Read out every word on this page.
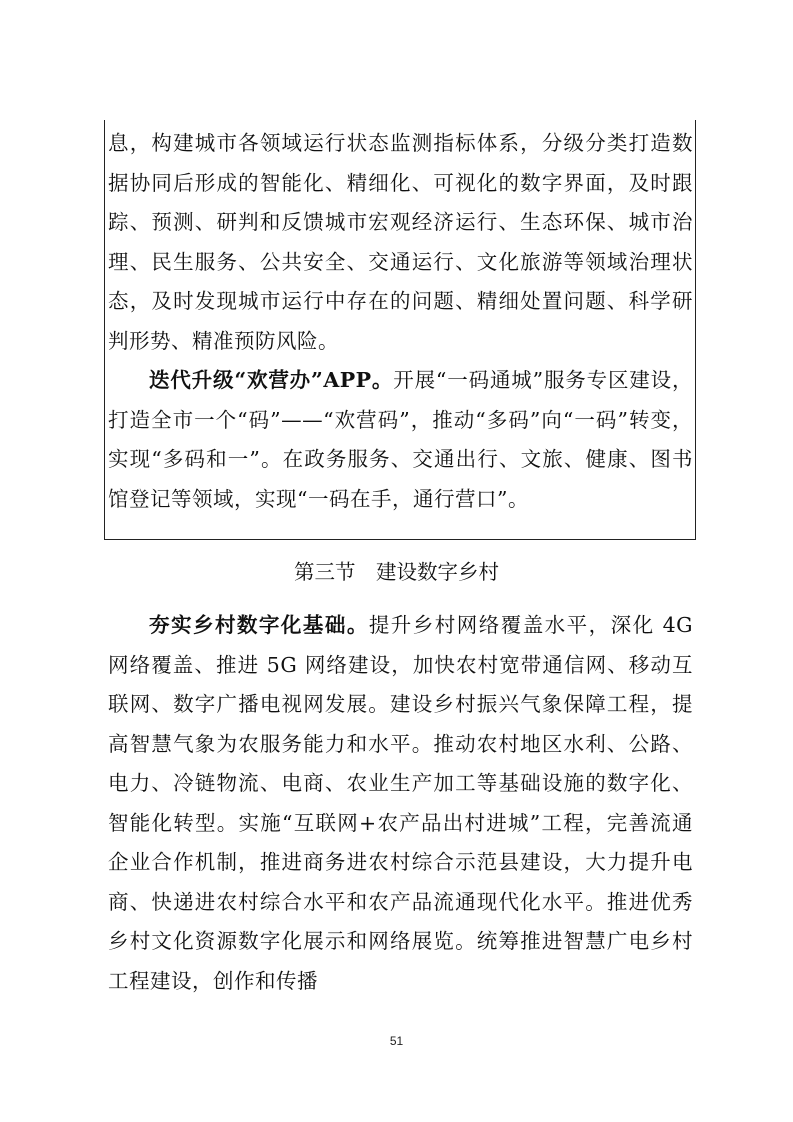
息，构建城市各领域运行状态监测指标体系，分级分类打造数据协同后形成的智能化、精细化、可视化的数字界面，及时跟踪、预测、研判和反馈城市宏观经济运行、生态环保、城市治理、民生服务、公共安全、交通运行、文化旅游等领域治理状态，及时发现城市运行中存在的问题、精细处置问题、科学研判形势、精准预防风险。

迭代升级“欢营办”APP。开展“一码通城”服务专区建设，打造全市一个“码”——“欢营码”，推动“多码”向“一码”转变，实现“多码和一”。在政务服务、交通出行、文旅、健康、图书馆登记等领域，实现“一码在手，通行营口”。

第三节　建设数字乡村

夯实乡村数字化基础。提升乡村网络覆盖水平，深化 4G 网络覆盖、推进 5G 网络建设，加快农村宽带通信网、移动互联网、数字广播电视网发展。建设乡村振兴气象保障工程，提高智慧气象为农服务能力和水平。推动农村地区水利、公路、电力、冷链物流、电商、农业生产加工等基础设施的数字化、智能化转型。实施“互联网+农产品出村进城”工程，完善流通企业合作机制，推进商务进农村综合示范县建设，大力提升电商、快递进农村综合水平和农产品流通现代化水平。推进优秀乡村文化资源数字化展示和网络展览。统筹推进智慧广电乡村工程建设，创作和传播

51
